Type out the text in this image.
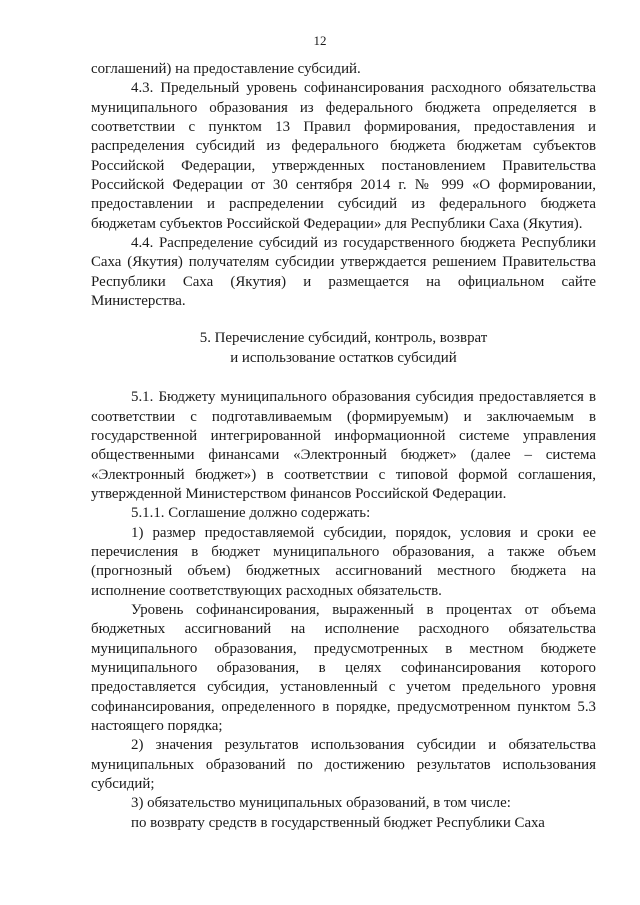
12

соглашений) на предоставление субсидий.

4.3. Предельный уровень софинансирования расходного обязательства муниципального образования из федерального бюджета определяется в соответствии с пунктом 13 Правил формирования, предоставления и распределения субсидий из федерального бюджета бюджетам субъектов Российской Федерации, утвержденных постановлением Правительства Российской Федерации от 30 сентября 2014 г. № 999 «О формировании, предоставлении и распределении субсидий из федерального бюджета бюджетам субъектов Российской Федерации» для Республики Саха (Якутия).

4.4. Распределение субсидий из государственного бюджета Республики Саха (Якутия) получателям субсидии утверждается решением Правительства Республики Саха (Якутия) и размещается на официальном сайте Министерства.

5. Перечисление субсидий, контроль, возврат
и использование остатков субсидий

5.1. Бюджету муниципального образования субсидия предоставляется в соответствии с подготавливаемым (формируемым) и заключаемым в государственной интегрированной информационной системе управления общественными финансами «Электронный бюджет» (далее – система «Электронный бюджет») в соответствии с типовой формой соглашения, утвержденной Министерством финансов Российской Федерации.

5.1.1. Соглашение должно содержать:

1) размер предоставляемой субсидии, порядок, условия и сроки ее перечисления в бюджет муниципального образования, а также объем (прогнозный объем) бюджетных ассигнований местного бюджета на исполнение соответствующих расходных обязательств.

Уровень софинансирования, выраженный в процентах от объема бюджетных ассигнований на исполнение расходного обязательства муниципального образования, предусмотренных в местном бюджете муниципального образования, в целях софинансирования которого предоставляется субсидия, установленный с учетом предельного уровня софинансирования, определенного в порядке, предусмотренном пунктом 5.3 настоящего порядка;

2) значения результатов использования субсидии и обязательства муниципальных образований по достижению результатов использования субсидий;

3) обязательство муниципальных образований, в том числе:

по возврату средств в государственный бюджет Республики Саха
